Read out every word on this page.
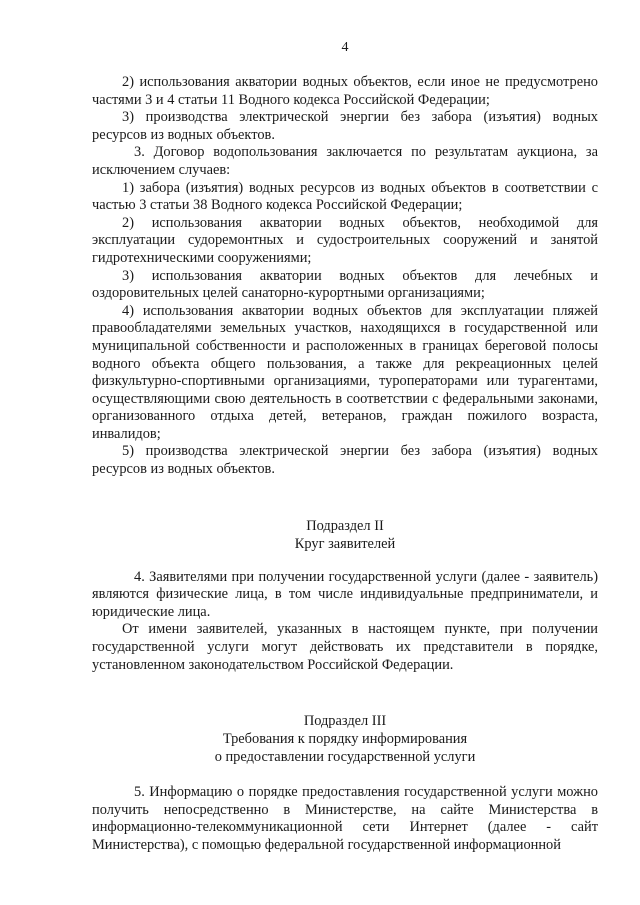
4

2) использования акватории водных объектов, если иное не предусмотрено частями 3 и 4 статьи 11 Водного кодекса Российской Федерации;

3) производства электрической энергии без забора (изъятия) водных ресурсов из водных объектов.

3. Договор водопользования заключается по результатам аукциона, за исключением случаев:

1) забора (изъятия) водных ресурсов из водных объектов в соответствии с частью 3 статьи 38 Водного кодекса Российской Федерации;

2) использования акватории водных объектов, необходимой для эксплуатации судоремонтных и судостроительных сооружений и занятой гидротехническими сооружениями;

3) использования акватории водных объектов для лечебных и оздоровительных целей санаторно-курортными организациями;

4) использования акватории водных объектов для эксплуатации пляжей правообладателями земельных участков, находящихся в государственной или муниципальной собственности и расположенных в границах береговой полосы водного объекта общего пользования, а также для рекреационных целей физкультурно-спортивными организациями, туроператорами или турагентами, осуществляющими свою деятельность в соответствии с федеральными законами, организованного отдыха детей, ветеранов, граждан пожилого возраста, инвалидов;

5) производства электрической энергии без забора (изъятия) водных ресурсов из водных объектов.

Подраздел II
Круг заявителей

4. Заявителями при получении государственной услуги (далее - заявитель) являются физические лица, в том числе индивидуальные предприниматели, и юридические лица.

От имени заявителей, указанных в настоящем пункте, при получении государственной услуги могут действовать их представители в порядке, установленном законодательством Российской Федерации.

Подраздел III
Требования к порядку информирования
о предоставлении государственной услуги

5. Информацию о порядке предоставления государственной услуги можно получить непосредственно в Министерстве, на сайте Министерства в информационно-телекоммуникационной сети Интернет (далее - сайт Министерства), с помощью федеральной государственной информационной
